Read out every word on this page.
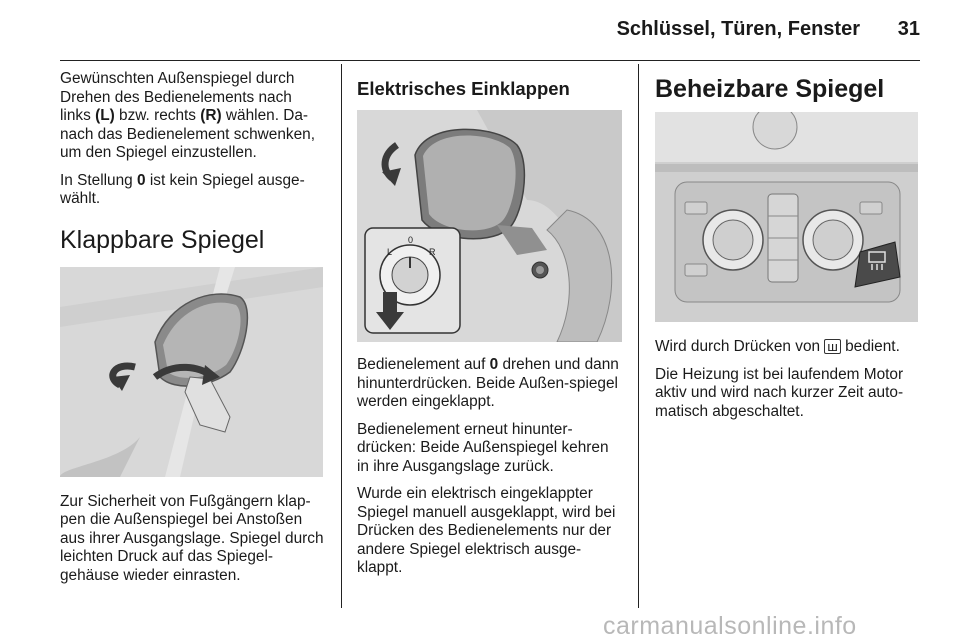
Schlüssel, Türen, Fenster 31

Gewünschten Außenspiegel durch Drehen des Bedienelements nach links (L) bzw. rechts (R) wählen. Da-nach das Bedienelement schwenken, um den Spiegel einzustellen.

In Stellung 0 ist kein Spiegel ausge-wählt.

Klappbare Spiegel

Zur Sicherheit von Fußgängern klap-pen die Außenspiegel bei Anstoßen aus ihrer Ausgangslage. Spiegel durch leichten Druck auf das Spiegel-gehäuse wieder einrasten.

Elektrisches Einklappen
L
0
R

Bedienelement auf 0 drehen und dann hinunterdrücken. Beide Außen-spiegel werden eingeklappt.

Bedienelement erneut hinunter-drücken: Beide Außenspiegel kehren in ihre Ausgangslage zurück.

Wurde ein elektrisch eingeklappter Spiegel manuell ausgeklappt, wird bei Drücken des Bedienelements nur der andere Spiegel elektrisch ausge-klappt.

Beheizbare Spiegel

Wird durch Drücken von ш bedient.

Die Heizung ist bei laufendem Motor aktiv und wird nach kurzer Zeit auto-matisch abgeschaltet.

carmanualsonline.info
